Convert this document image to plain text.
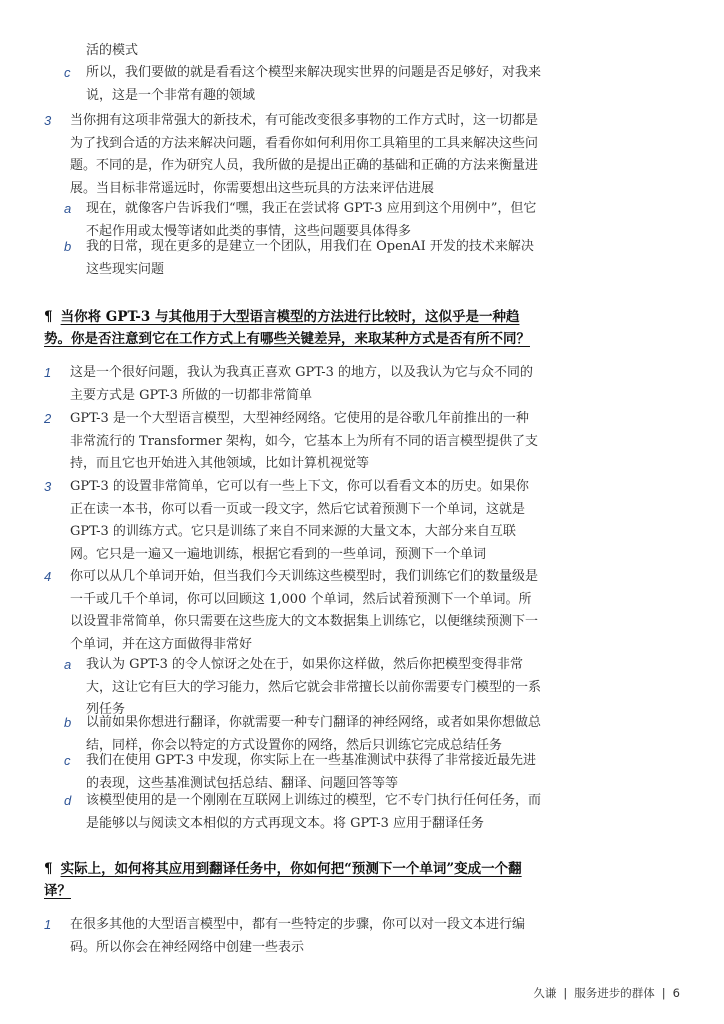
活的模式
c 所以，我们要做的就是看看这个模型来解决现实世界的问题是否足够好，对我来说，这是一个非常有趣的领域
3 当你拥有这项非常强大的新技术，有可能改变很多事物的工作方式时，这一切都是为了找到合适的方法来解决问题，看看你如何利用你工具箱里的工具来解决这些问题。不同的是，作为研究人员，我所做的是提出正确的基础和正确的方法来衡量进展。当目标非常遥远时，你需要想出这些玩具的方法来评估进展
a 现在，就像客户告诉我们“嘿，我正在尝试将 GPT-3 应用到这个用例中”，但它不起作用或太慢等诸如此类的事情，这些问题要具体得多
b 我的日常，现在更多的是建立一个团队，用我们在 OpenAI 开发的技术来解决这些现实问题
¶ 当你将 GPT-3 与其他用于大型语言模型的方法进行比较时，这似乎是一种趋势。你是否注意到它在工作方式上有哪些关键差异，来取某种方式是否有所不同？
1 这是一个很好问题，我认为我真正喜欢 GPT-3 的地方，以及我认为它与众不同的主要方式是 GPT-3 所做的一切都非常简单
2 GPT-3 是一个大型语言模型，大型神经网络。它使用的是谷歌几年前推出的一种非常流行的 Transformer 架构，如今，它基本上为所有不同的语言模型提供了支持，而且它也开始进入其他领域，比如计算机视觉等
3 GPT-3 的设置非常简单，它可以有一些上下文，你可以看看文本的历史。如果你正在读一本书，你可以看一页或一段文字，然后它试着预测下一个单词，这就是 GPT-3 的训练方式。它只是训练了来自不同来源的大量文本，大部分来自互联网。它只是一遍又一遍地训练，根据它看到的一些单词，预测下一个单词
4 你可以从几个单词开始，但当我们今天训练这些模型时，我们训练它们的数量级是一千或几千个单词，你可以回顾这 1,000 个单词，然后试着预测下一个单词。所以设置非常简单，你只需要在这些庞大的文本数据集上训练它，以便继续预测下一个单词，并在这方面做得非常好
a 我认为 GPT-3 的令人惊讶之处在于，如果你这样做，然后你把模型变得非常大，这让它有巨大的学习能力，然后它就会非常擅长以前你需要专门模型的一系列任务
b 以前如果你想进行翻译，你就需要一种专门翻译的神经网络，或者如果你想做总结，同样，你会以特定的方式设置你的网络，然后只训练它完成总结任务
c 我们在使用 GPT-3 中发现，你实际上在一些基准测试中获得了非常接近最先进的表现，这些基准测试包括总结、翻译、问题回答等等
d 该模型使用的是一个刚刚在互联网上训练过的模型，它不专门执行任何任务，而是能够以与阅读文本相似的方式再现文本。将 GPT-3 应用于翻译任务
¶ 实际上，如何将其应用到翻译任务中，你如何把“预测下一个单词”变成一个翻译？
1 在很多其他的大型语言模型中，都有一些特定的步骤，你可以对一段文本进行编码。所以你会在神经网络中创建一些表示
久谦 | 服务进步的群体 | 6
